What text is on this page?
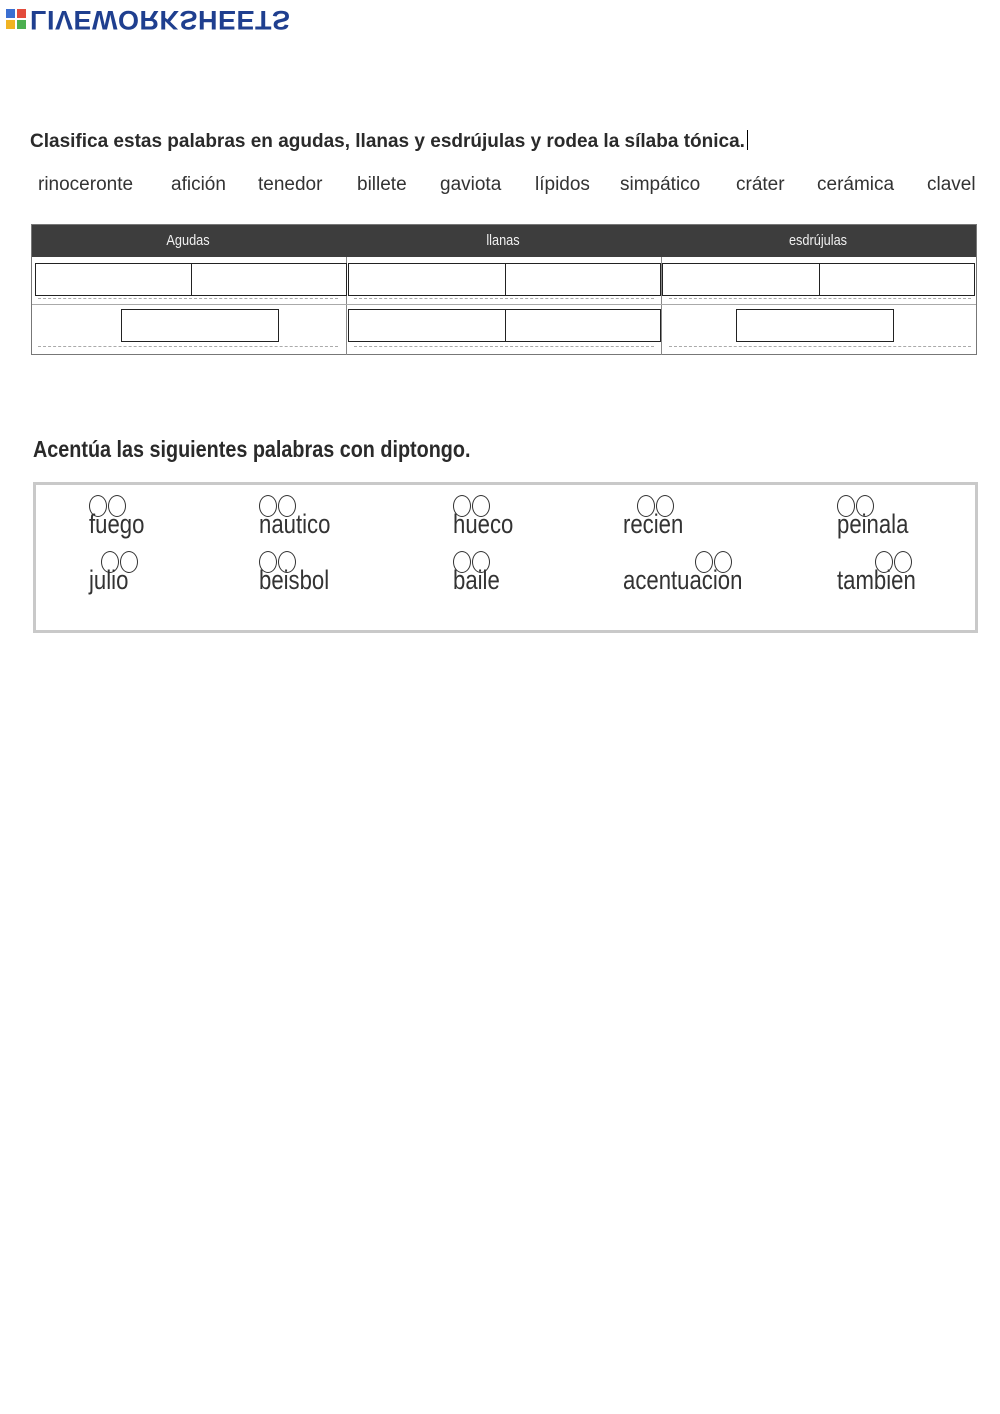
LIVEWORKSHEETS
Clasifica estas palabras en agudas, llanas y esdrújulas y rodea la sílaba tónica.
rinoceronte afición tenedor billete gaviota lípidos simpático cráter cerámica clavel
Agudas	llanas	esdrújulas
Acentúa las siguientes palabras con diptongo.
fuego	nautico	hueco	recien	peinala
julio	beisbol	baile	acentuacion	tambien
